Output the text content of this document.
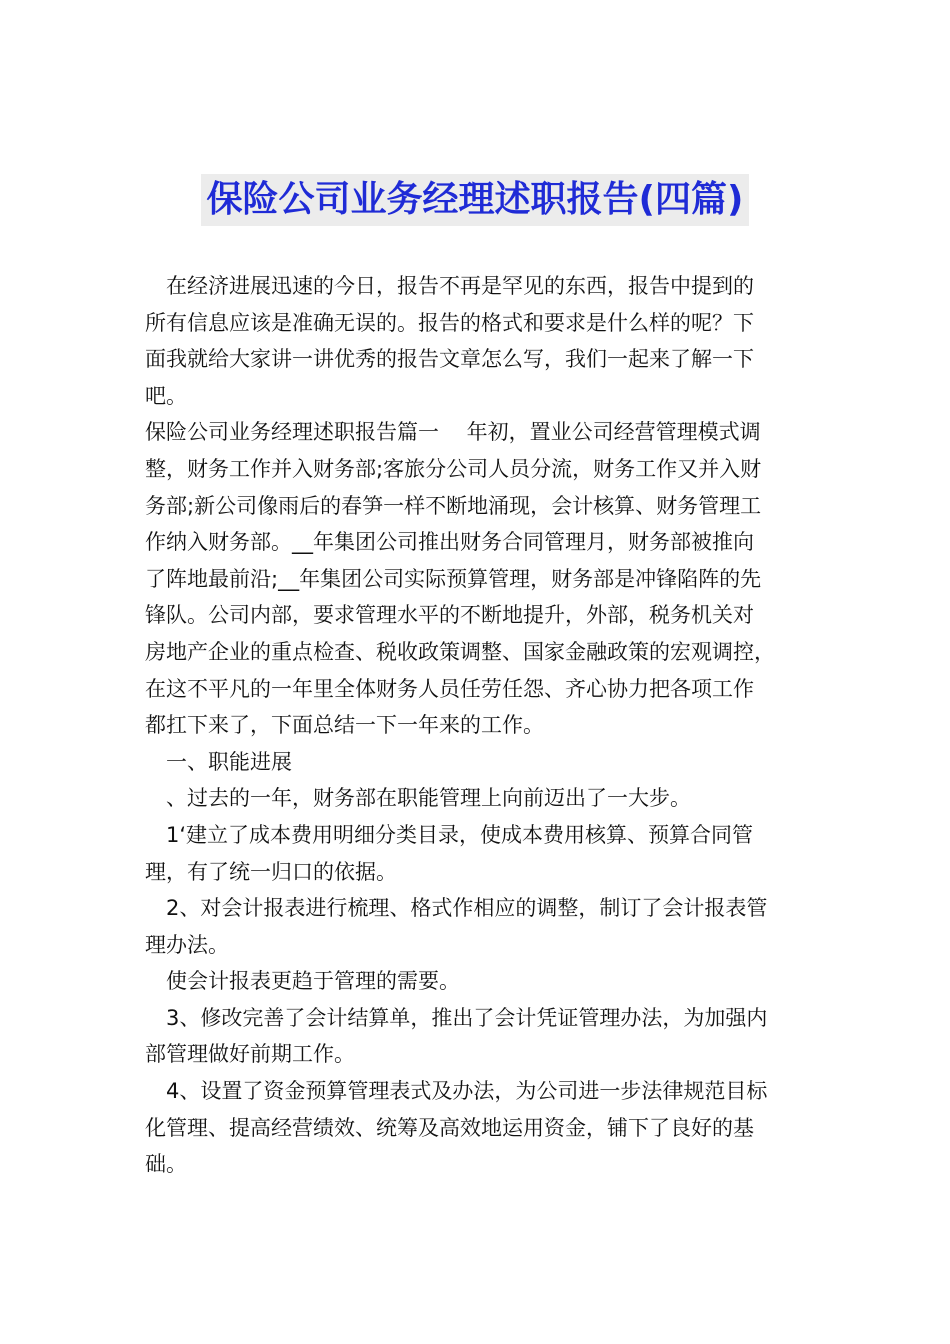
保险公司业务经理述职报告(四篇)
在经济进展迅速的今日，报告不再是罕见的东西，报告中提到的
所有信息应该是准确无误的。报告的格式和要求是什么样的呢？下
面我就给大家讲一讲优秀的报告文章怎么写，我们一起来了解一下
吧。
保险公司业务经理述职报告篇一　 年初，置业公司经营管理模式调
整，财务工作并入财务部;客旅分公司人员分流，财务工作又并入财
务部;新公司像雨后的春笋一样不断地涌现，会计核算、财务管理工
作纳入财务部。__年集团公司推出财务合同管理月，财务部被推向
了阵地最前沿;__年集团公司实际预算管理，财务部是冲锋陷阵的先
锋队。公司内部，要求管理水平的不断地提升，外部，税务机关对
房地产企业的重点检查、税收政策调整、国家金融政策的宏观调控，
在这不平凡的一年里全体财务人员任劳任怨、齐心协力把各项工作
都扛下来了，下面总结一下一年来的工作。
一、职能进展
、过去的一年，财务部在职能管理上向前迈出了一大步。
1‘建立了成本费用明细分类目录，使成本费用核算、预算合同管
理，有了统一归口的依据。
2、对会计报表进行梳理、格式作相应的调整，制订了会计报表管
理办法。
使会计报表更趋于管理的需要。
3、修改完善了会计结算单，推出了会计凭证管理办法，为加强内
部管理做好前期工作。
4、设置了资金预算管理表式及办法，为公司进一步法律规范目标
化管理、提高经营绩效、统筹及高效地运用资金，铺下了良好的基
础。
